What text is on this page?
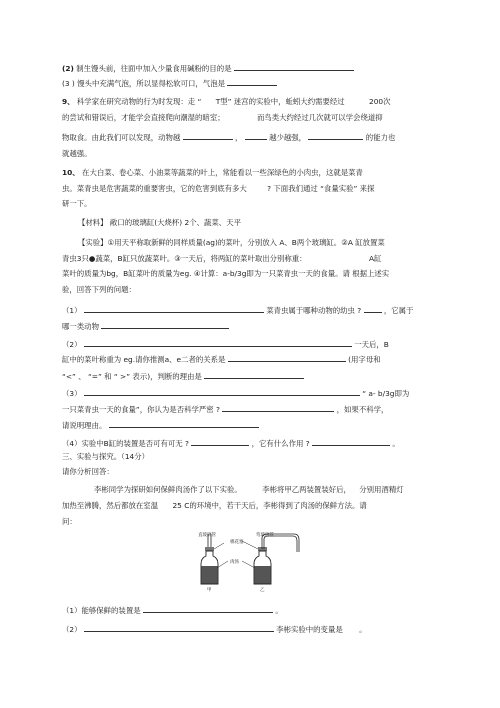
(2) 制生馒头前，往面中加入少量食用碱粉的目的是
(3 ) 馒头中充满气泡，所以显得松软可口，气泡是
9、 科学家在研究动物的行为时发现：走 “ T型” 迷宫的实验中，蚯蚓大约需要经过	200次
的尝试和错误后，才能学会直接爬向潮湿的暗室；	而鸟类大约经过几次就可以学会绕道抑
物取食。由此我们可以发现，动物越	，	越少越强，	的能力也
就越强。
10、 在大白菜、卷心菜、小油菜等蔬菜的叶上，常能看以一些深绿色的小肉虫，这就是菜青
虫。菜青虫是危害蔬菜的重要害虫，它的危害到底有多大	? 下面我们通过 “食量实验” 来探
研一下。
【材料】 敞口的玻璃缸(大烧杯) 2个、蔬菜、天平
【实验】①用天平称取新鲜的同样质量(ag)的菜叶，分别放入 A、B两个玻璃缸。②A 缸放置菜
青虫3只●蔬菜，B缸只放蔬菜叶。③一天后，将两缸的菜叶取出分别称重：	A缸
菜叶的质量为bg，B缸菜叶的质量为eg. ④计算：a-b/3g即为一只菜青虫一天的食量。请 根据上述实
验，回答下列的问题：
（1）	菜青虫属于哪种动物的幼虫 ?	，它属于
哪一类动物
（2）	一天后，B
缸中的菜叶称重为 eg.请你推测a、e二者的关系是	(用字母和
“<” 、 “=” 和 “ >” 表示)，判断的理由是
（3）	“ a- b/3g即为
一只菜青虫一天的食量”，你认为是否科学严密 ?	，如果不科学，
请说明理由。
（4）实验中B缸的装置是否可有可无 ?	，它有什么作用 ?	。
三、实验与探究。（14分）
请你分析回答：
李彬同学为探研如何保鲜肉汤作了以下实验。	李彬将甲乙两装置装好后， 分别用酒精灯
加热至沸腾，然后都放在室温 25 C的环境中，若干天后，李彬得到了肉汤的保鲜方法。请
问：
直玻璃管
棉花塞
弯玻璃管
肉汤
甲	乙
（1）能够保鲜的装置是	。
（2）	李彬实验中的变量是 。
